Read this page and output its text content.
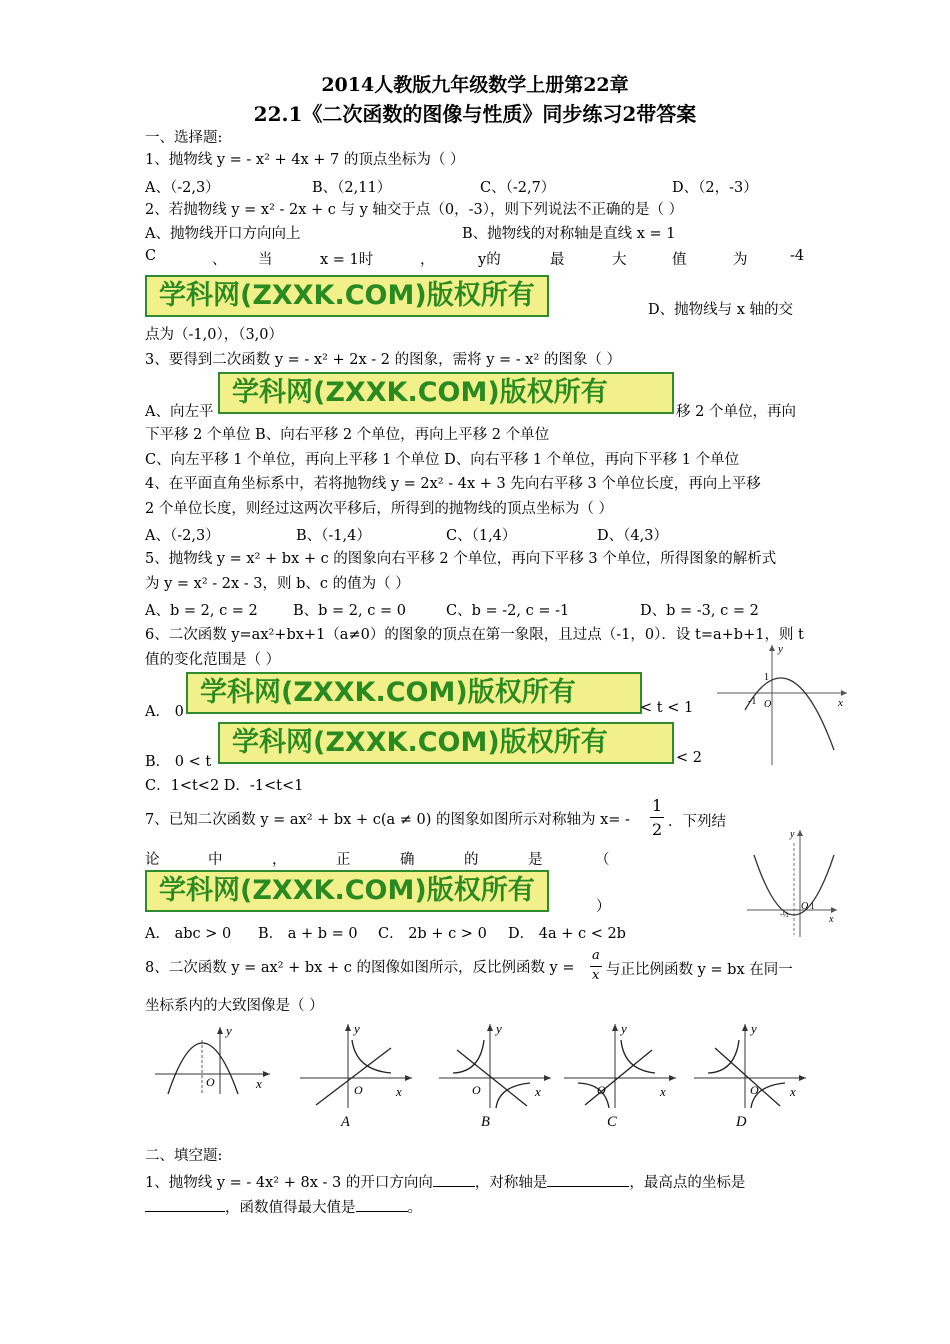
2014人教版九年级数学上册第22章
22.1《二次函数的图像与性质》同步练习2带答案
一、选择题:
1、抛物线 y = - x² + 4x + 7 的顶点坐标为（ ）
A、（-2,3）	B、（2,11）	C、（-2,7）	D、（2，-3）
2、若抛物线 y = x² - 2x + c 与 y 轴交于点（0，-3），则下列说法不正确的是（ ）
A、抛物线开口方向向上	B、抛物线的对称轴是直线 x = 1
C	、 当	x = 1时	，	y的	最	大	值	为	-4
学科网(ZXXK.COM)版权所有	D、抛物线与 x 轴的交
点为（-1,0），（3,0）
3、要得到二次函数 y = - x² + 2x - 2 的图象，需将 y = - x² 的图象（ ）
A、向左平
学科网(ZXXK.COM)版权所有
移 2 个单位，再向
下平移 2 个单位 B、向右平移 2 个单位，再向上平移 2 个单位
C、向左平移 1 个单位，再向上平移 1 个单位 D、向右平移 1 个单位，再向下平移 1 个单位
4、在平面直角坐标系中，若将抛物线 y = 2x² - 4x + 3 先向右平移 3 个单位长度，再向上平移
2 个单位长度，则经过这两次平移后，所得到的抛物线的顶点坐标为（ ）
A、（-2,3）	B、（-1,4）	C、（1,4）	D、（4,3）
5、抛物线 y = x² + bx + c 的图象向右平移 2 个单位，再向下平移 3 个单位，所得图象的解析式
为 y = x² - 2x - 3，则 b、c 的值为（ ）
A、b = 2, c = 2 B、b = 2, c = 0	C、b = -2, c = -1	D、b = -3, c = 2
6、二次函数 y=ax²+bx+1（a≠0）的图象的顶点在第一象限，且过点（-1，0）．设 t=a+b+1，则 t
值的变化范围是（ ）
A． 0
学科网(ZXXK.COM)版权所有	< t < 1
B． 0 < t
学科网(ZXXK.COM)版权所有	< 2
C．1<t<2 D．-1<t<1
y
x
1
-1 O
7、已知二次函数 y = ax² + bx + c(a ≠ 0) 的图象如图所示对称轴为 x= -
1
2 ．下列结
论	中	，	正	确	的	是	（
学科网(ZXXK.COM)版权所有
）
A． abc > 0 B． a + b = 0 C． 2b + c > 0 D． 4a + c < 2b
y
x
O 1
-½
8、二次函数 y = ax² + bx + c 的图像如图所示，反比例函数 y =
a
x 与正比例函数 y = bx 在同一
坐标系内的大致图像是（ ）
y
x
O
y
x
O
A
y
x
O
B
y
x
O
C
y
x
O
D
二、填空题:
1、抛物线 y = - 4x² + 8x - 3 的开口方向向	，对称轴是	，最高点的坐标是
，函数值得最大值是	。
